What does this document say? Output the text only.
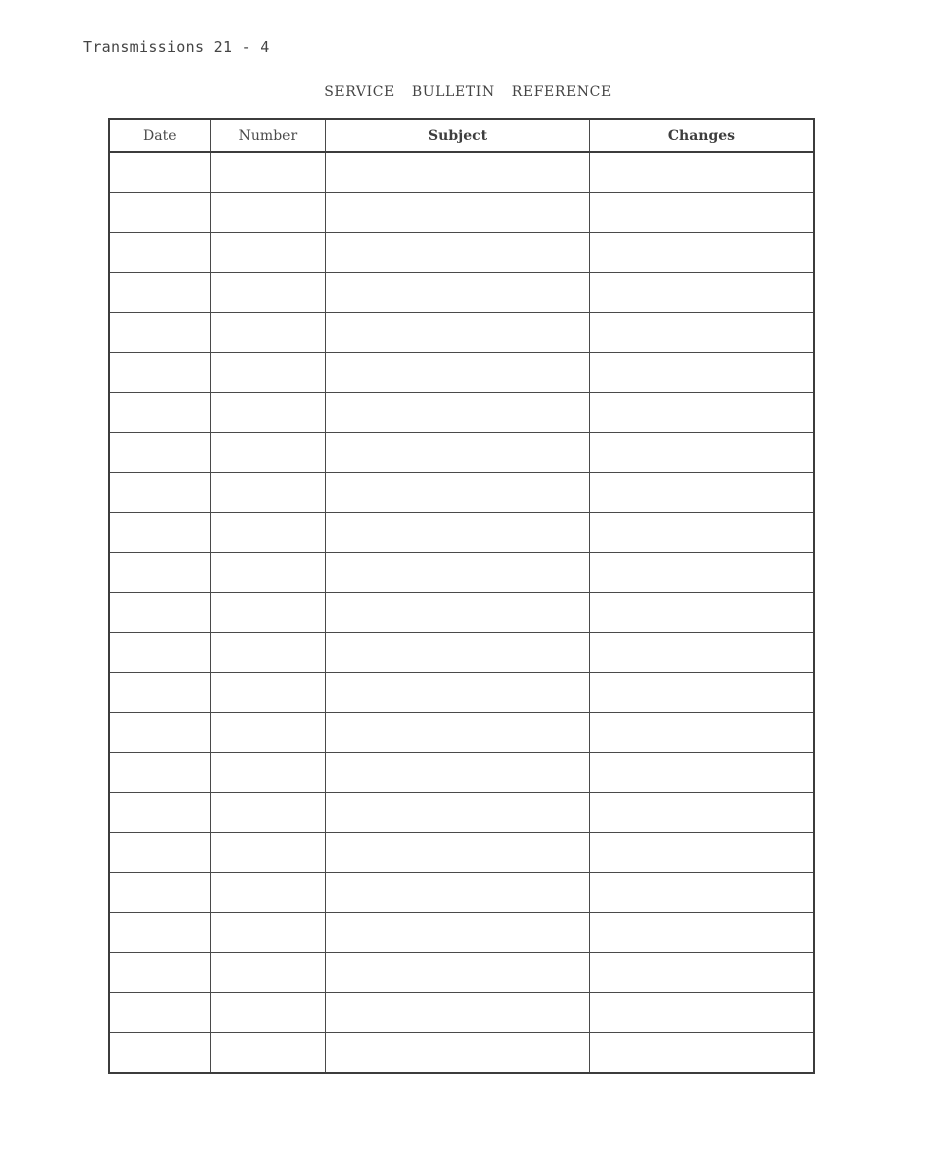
Transmissions 21 - 4
SERVICE BULLETIN REFERENCE
Date	Number	Subject	Changes
